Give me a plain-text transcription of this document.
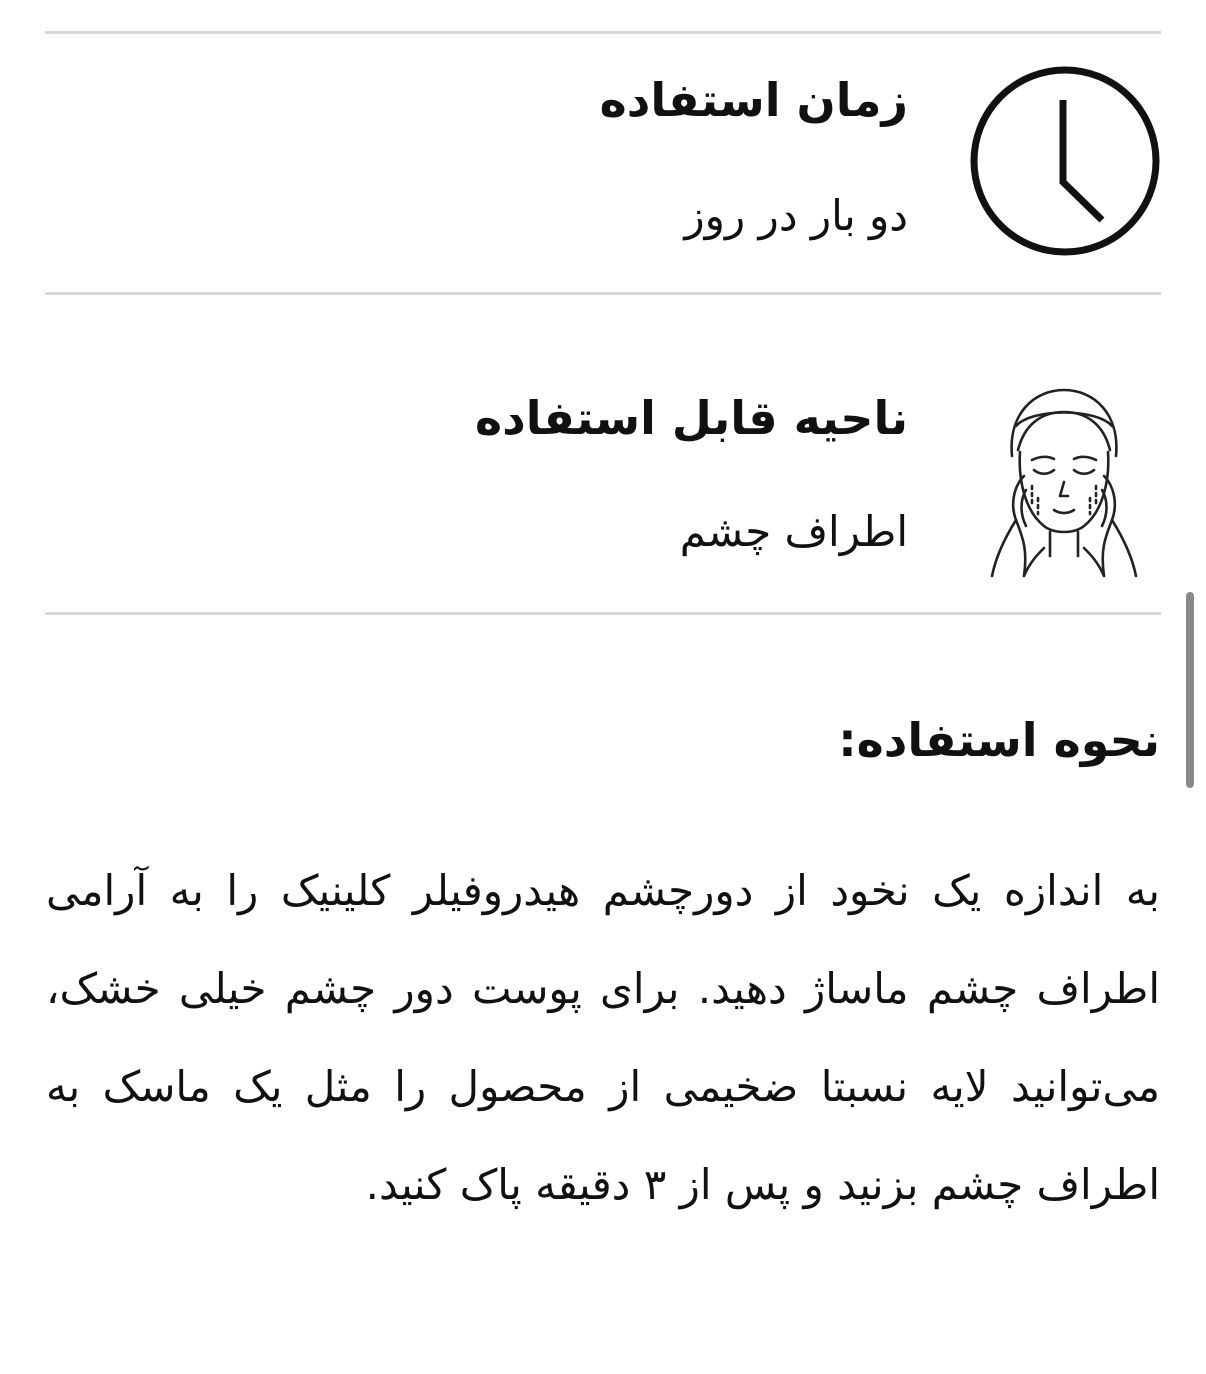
زمان استفاده
دو بار در روز
ناحیه قابل استفاده
اطراف چشم
نحوه استفاده:
به اندازه یک نخود از دورچشم هیدروفیلر کلینیک را به آرامی اطراف چشم ماساژ دهید. برای پوست دور چشم خیلی خشک، می‌توانید لایه نسبتا ضخیمی از محصول را مثل یک ماسک به اطراف چشم بزنید و پس از ۳ دقیقه پاک کنید.
